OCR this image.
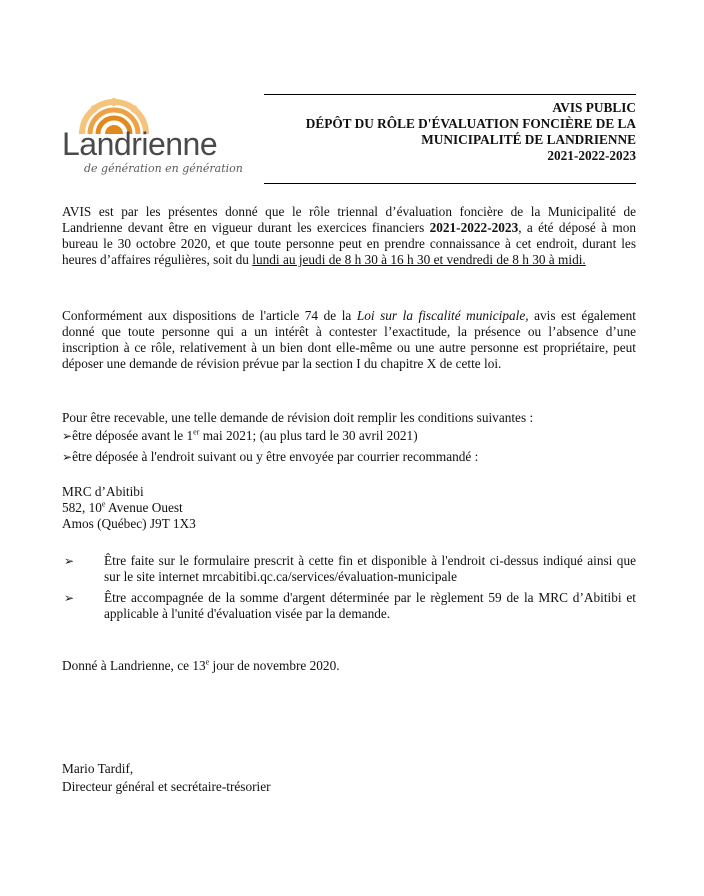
Landrienne
de génération en génération
AVIS PUBLIC
DÉPÔT DU RÔLE D'ÉVALUATION FONCIÈRE DE LA
MUNICIPALITÉ DE LANDRIENNE
2021-2022-2023
AVIS est par les présentes donné que le rôle triennal d’évaluation foncière de la Municipalité de Landrienne devant être en vigueur durant les exercices financiers 2021-2022-2023, a été déposé à mon bureau le 30 octobre 2020, et que toute personne peut en prendre connaissance à cet endroit, durant les heures d’affaires régulières, soit du lundi au jeudi de 8 h 30 à 16 h 30 et vendredi de 8 h 30 à midi.
Conformément aux dispositions de l'article 74 de la Loi sur la fiscalité municipale, avis est également donné que toute personne qui a un intérêt à contester l’exactitude, la présence ou l’absence d’une inscription à ce rôle, relativement à un bien dont elle-même ou une autre personne est propriétaire, peut déposer une demande de révision prévue par la section I du chapitre X de cette loi.
Pour être recevable, une telle demande de révision doit remplir les conditions suivantes :
➢être déposée avant le 1er mai 2021; (au plus tard le 30 avril 2021)
➢être déposée à l'endroit suivant ou y être envoyée par courrier recommandé :
MRC d’Abitibi
582, 10e Avenue Ouest
Amos (Québec) J9T 1X3
➢ Être faite sur le formulaire prescrit à cette fin et disponible à l'endroit ci-dessus indiqué ainsi que sur le site internet mrcabitibi.qc.ca/services/évaluation-municipale
➢ Être accompagnée de la somme d'argent déterminée par le règlement 59 de la MRC d’Abitibi et applicable à l'unité d'évaluation visée par la demande.
Donné à Landrienne, ce 13e jour de novembre 2020.
Mario Tardif,
Directeur général et secrétaire-trésorier
